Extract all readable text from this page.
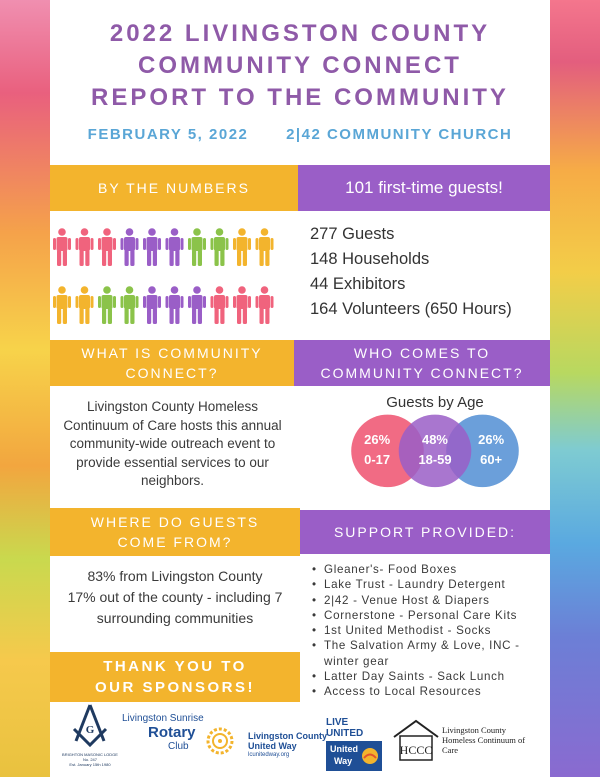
2022 LIVINGSTON COUNTY
COMMUNITY CONNECT
REPORT TO THE COMMUNITY
FEBRUARY 5, 2022	2|42 COMMUNITY CHURCH
BY THE NUMBERS	101 first-time guests!
277 Guests
148 Households
44 Exhibitors
164 Volunteers (650 Hours)
WHAT IS COMMUNITY CONNECT?
WHO COMES TO COMMUNITY CONNECT?
Livingston County Homeless Continuum of Care hosts this annual community-wide outreach event to provide essential services to our neighbors.
Guests by Age
26%
0-17
48%
18-59
26%
60+
WHERE DO GUESTS COME FROM?
SUPPORT PROVIDED:
83% from Livingston County
17% out of the county - including 7 surrounding communities
• Gleaner's- Food Boxes
• Lake Trust - Laundry Detergent
• 2|42 - Venue Host & Diapers
• Cornerstone - Personal Care Kits
• 1st United Methodist - Socks
• The Salvation Army & Love, INC - winter gear
• Latter Day Saints - Sack Lunch
• Access to Local Resources
THANK YOU TO OUR SPONSORS!
G
BRIGHTON MASONIC LODGE No. 247
Est. January 15th 1980
Livingston Sunrise
Rotary
Club
Livingston County
United Way
lcunitedway.org
LIVE UNITED
United
Way
HCCC
Livingston County
Homeless Continuum of Care
